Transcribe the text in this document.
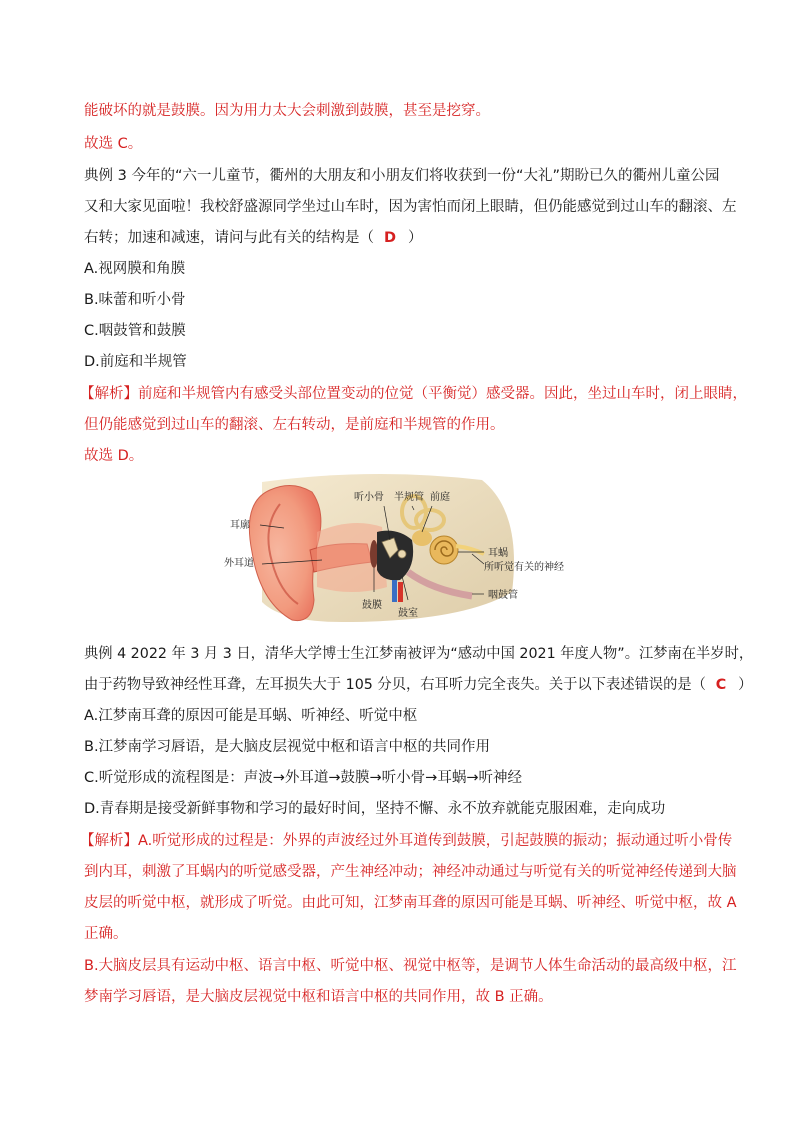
能破坏的就是鼓膜。因为用力太大会刺激到鼓膜，甚至是挖穿。
故选 C。
典例 3 今年的“六一儿童节，衢州的大朋友和小朋友们将收获到一份“大礼”期盼已久的衢州儿童公园
又和大家见面啦！我校舒盛源同学坐过山车时，因为害怕而闭上眼睛，但仍能感觉到过山车的翻滚、左
右转；加速和减速，请问与此有关的结构是（ D ）
A.视网膜和角膜
B.味蕾和听小骨
C.咽鼓管和鼓膜
D.前庭和半规管
【解析】前庭和半规管内有感受头部位置变动的位觉（平衡觉）感受器。因此，坐过山车时，闭上眼睛，
但仍能感觉到过山车的翻滚、左右转动，是前庭和半规管的作用。
故选 D。
耳廓
外耳道
听小骨 半规管 前庭
耳蜗
所听觉有关的神经
咽鼓管
鼓膜
鼓室
典例 4 2022 年 3 月 3 日，清华大学博士生江梦南被评为“感动中国 2021 年度人物”。江梦南在半岁时，
由于药物导致神经性耳聋，左耳损失大于 105 分贝，右耳听力完全丧失。关于以下表述错误的是（ C ）
A.江梦南耳聋的原因可能是耳蜗、听神经、听觉中枢
B.江梦南学习唇语，是大脑皮层视觉中枢和语言中枢的共同作用
C.听觉形成的流程图是：声波→外耳道→鼓膜→听小骨→耳蜗→听神经
D.青春期是接受新鲜事物和学习的最好时间，坚持不懈、永不放弃就能克服困难，走向成功
【解析】A.听觉形成的过程是：外界的声波经过外耳道传到鼓膜，引起鼓膜的振动；振动通过听小骨传
到内耳，刺激了耳蜗内的听觉感受器，产生神经冲动；神经冲动通过与听觉有关的听觉神经传递到大脑
皮层的听觉中枢，就形成了听觉。由此可知，江梦南耳聋的原因可能是耳蜗、听神经、听觉中枢，故 A
正确。
B.大脑皮层具有运动中枢、语言中枢、听觉中枢、视觉中枢等，是调节人体生命活动的最高级中枢，江
梦南学习唇语，是大脑皮层视觉中枢和语言中枢的共同作用，故 B 正确。
